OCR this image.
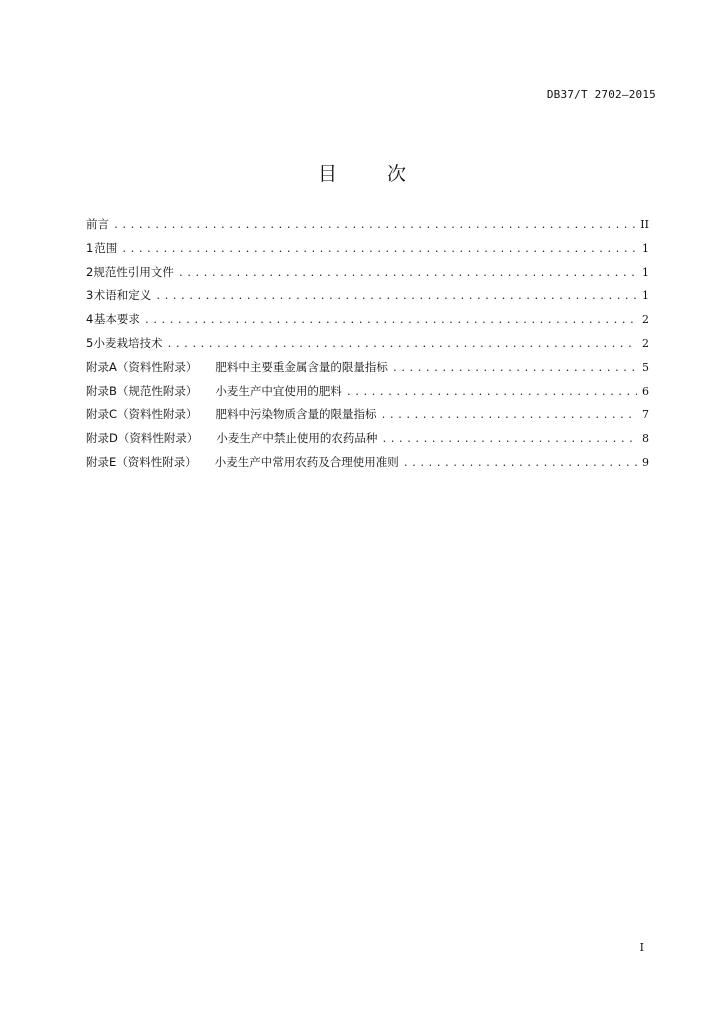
DB37/T 2702—2015
目 次
前言 .....	II
1 范围 .....	1
2 规范性引用文件 .....	1
3 术语和定义 .....	1
4 基本要求 .....	2
5 小麦栽培技术 .....	2
附录A（资料性附录） 肥料中主要重金属含量的限量指标 .....	5
附录B（规范性附录） 小麦生产中宜使用的肥料 .....	6
附录C（资料性附录） 肥料中污染物质含量的限量指标 .....	7
附录D（资料性附录） 小麦生产中禁止使用的农药品种 .....	8
附录E（资料性附录） 小麦生产中常用农药及合理使用准则 .....	9
I
